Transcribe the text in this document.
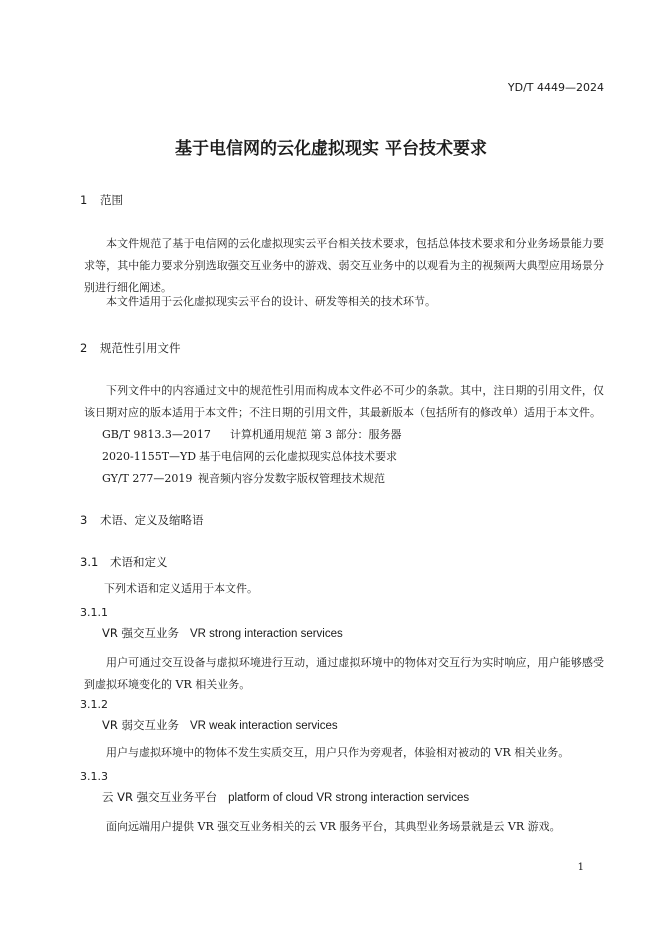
YD/T 4449—2024
基于电信网的云化虚拟现实 平台技术要求
1 范围
本文件规范了基于电信网的云化虚拟现实云平台相关技术要求，包括总体技术要求和分业务场景能力要求等，其中能力要求分别选取强交互业务中的游戏、弱交互业务中的以观看为主的视频两大典型应用场景分别进行细化阐述。
本文件适用于云化虚拟现实云平台的设计、研发等相关的技术环节。
2 规范性引用文件
下列文件中的内容通过文中的规范性引用而构成本文件必不可少的条款。其中，注日期的引用文件，仅该日期对应的版本适用于本文件；不注日期的引用文件，其最新版本（包括所有的修改单）适用于本文件。
GB/T 9813.3—2017 计算机通用规范 第 3 部分：服务器
2020-1155T—YD 基于电信网的云化虚拟现实总体技术要求
GY/T 277—2019 视音频内容分发数字版权管理技术规范
3 术语、定义及缩略语
3.1 术语和定义
下列术语和定义适用于本文件。
3.1.1
VR 强交互业务 VR strong interaction services
用户可通过交互设备与虚拟环境进行互动，通过虚拟环境中的物体对交互行为实时响应，用户能够感受到虚拟环境变化的 VR 相关业务。
3.1.2
VR 弱交互业务 VR weak interaction services
用户与虚拟环境中的物体不发生实质交互，用户只作为旁观者，体验相对被动的 VR 相关业务。
3.1.3
云 VR 强交互业务平台 platform of cloud VR strong interaction services
面向远端用户提供 VR 强交互业务相关的云 VR 服务平台，其典型业务场景就是云 VR 游戏。
1
